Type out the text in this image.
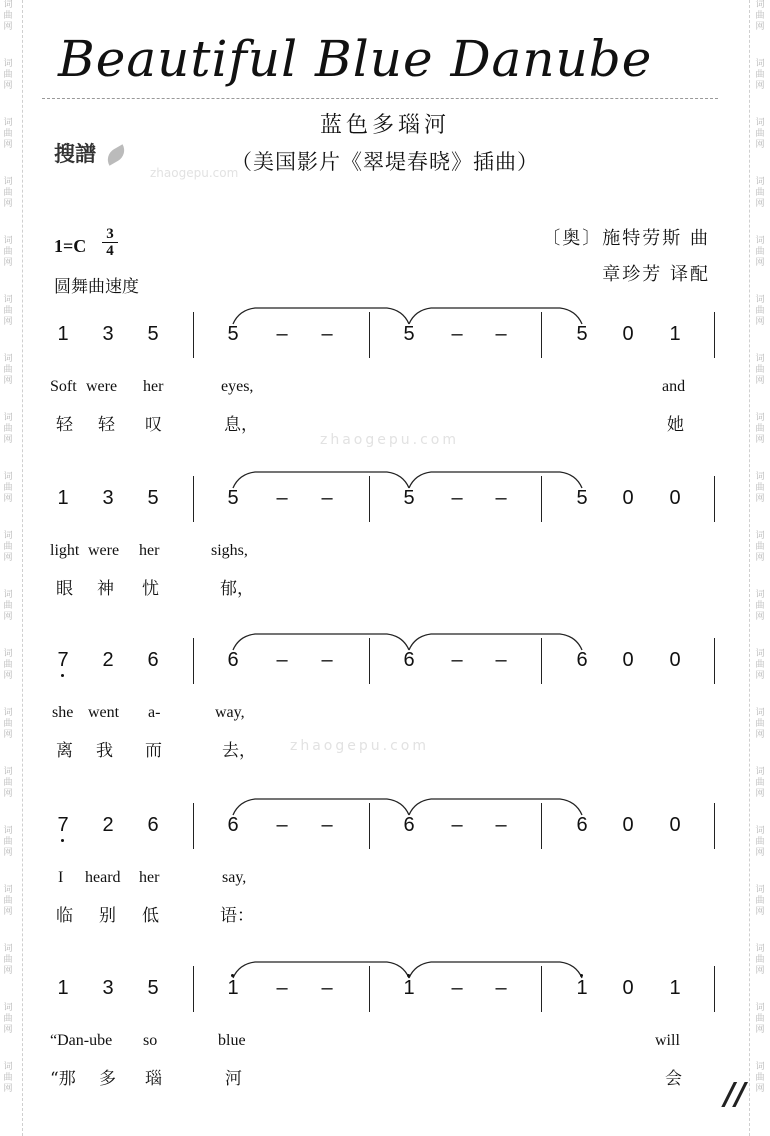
词曲网
词曲网
词曲网
词曲网
词曲网
词曲网
词曲网
词曲网
词曲网
词曲网
词曲网
词曲网
词曲网
词曲网
词曲网
词曲网
词曲网
词曲网
词曲网
词曲网
词曲网
词曲网
词曲网
词曲网
词曲网
词曲网
词曲网
词曲网
词曲网
词曲网
词曲网
词曲网
词曲网
词曲网
词曲网
词曲网
词曲网
词曲网
Beautiful Blue Danube
蓝色多瑙河
（美国影片《翠堤春晓》插曲）
搜譜
zhaogepu.com
zhaogepu.com
zhaogepu.com
$1=C \frac{3}{4}$
圆舞曲速度
〔奥〕施特劳斯 曲
章珍芳 译配
1 3 5	5 – –	5 – –	5 0 1
Soft were her	eyes,	and
轻 轻 叹	息，	她
1 3 5	5 – –	5 – –	5 0 0
light were her	sighs,
眼 神 忧	郁，
7 2 6	6 – –	6 – –	6 0 0
she went a-	way,
离 我 而	去，
7 2 6	6 – –	6 – –	6 0 0
I heard her	say,
临 别 低	语：
1 3 5	1 – –	1 – –	1 0 1
“Dan-ube so	blue	will
“那 多 瑙	河	会 //
